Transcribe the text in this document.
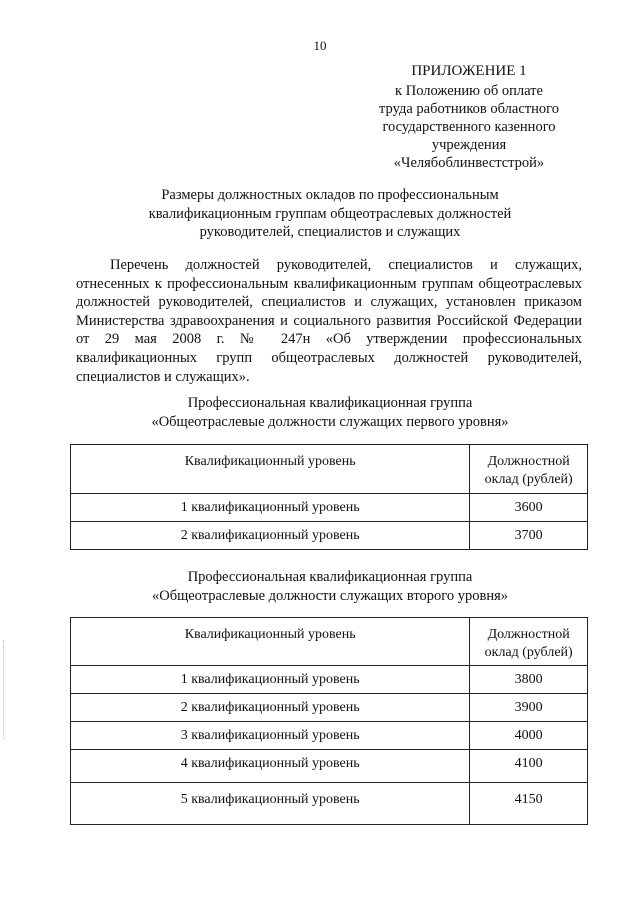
10
ПРИЛОЖЕНИЕ 1
к Положению об оплате
труда работников областного
государственного казенного
учреждения
«Челябоблинвестстрой»
Размеры должностных окладов по профессиональным
квалификационным группам общеотраслевых должностей
руководителей, специалистов и служащих

Перечень должностей руководителей, специалистов и служащих, отнесенных к профессиональным квалификационным группам общеотраслевых должностей руководителей, специалистов и служащих, установлен приказом Министерства здравоохранения и социального развития Российской Федерации от 29 мая 2008 г. № 247н «Об утверждении профессиональных квалификационных групп общеотраслевых должностей руководителей, специалистов и служащих».

Профессиональная квалификационная группа
«Общеотраслевые должности служащих первого уровня»
Квалификационный уровень	Должностной
оклад (рублей)

1 квалификационный уровень	3600
2 квалификационный уровень	3700
Профессиональная квалификационная группа
«Общеотраслевые должности служащих второго уровня»
Квалификационный уровень	Должностной
оклад (рублей)

1 квалификационный уровень	3800
2 квалификационный уровень	3900
3 квалификационный уровень	4000
4 квалификационный уровень	4100
5 квалификационный уровень	4150
